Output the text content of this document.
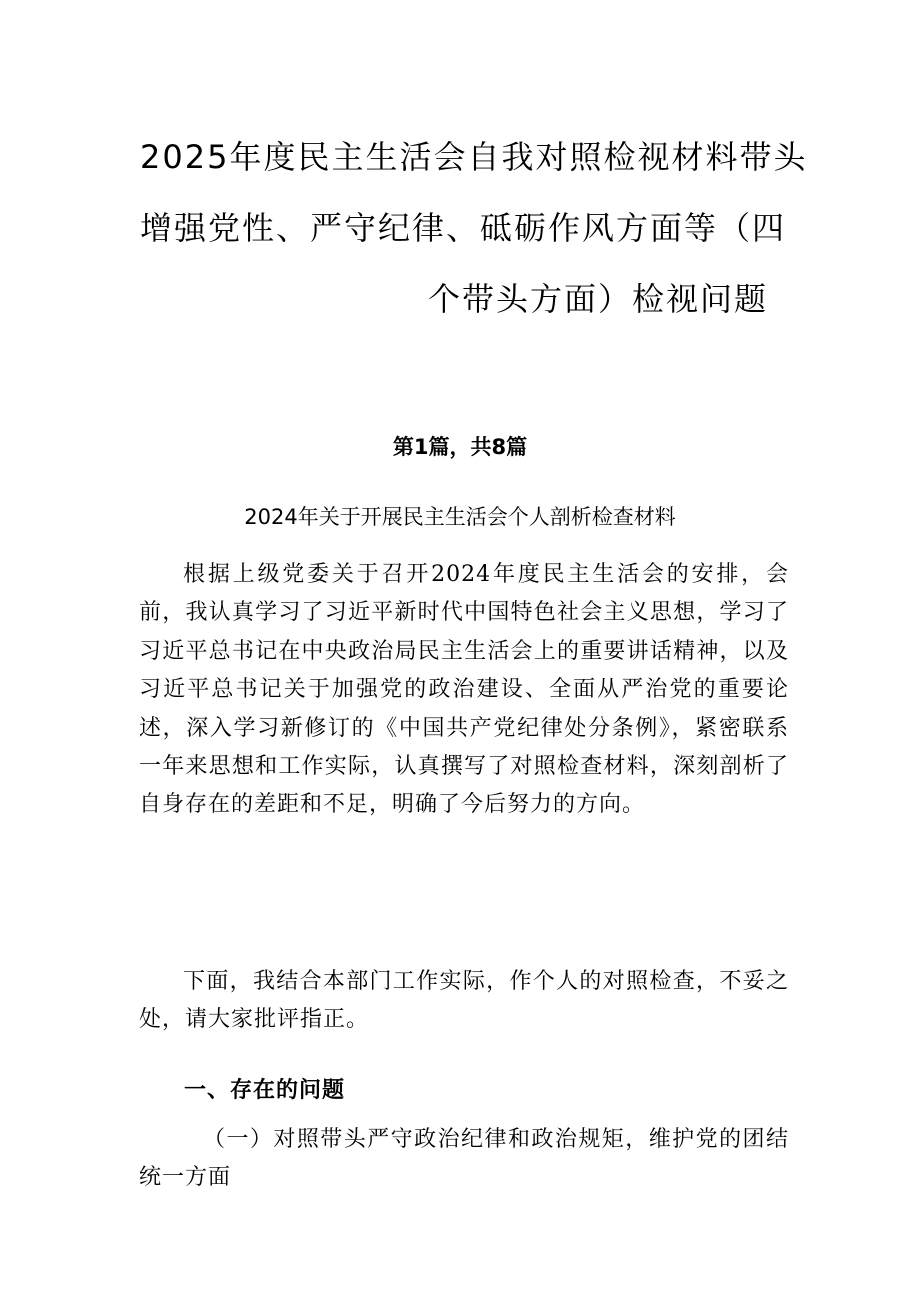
2025年度民主生活会自我对照检视材料带头
增强党性、严守纪律、砥砺作风方面等（四
个带头方面）检视问题
第1篇，共8篇
2024年关于开展民主生活会个人剖析检查材料

根据上级党委关于召开2024年度民主生活会的安排，会前，我认真学习了习近平新时代中国特色社会主义思想，学习了习近平总书记在中央政治局民主生活会上的重要讲话精神，以及习近平总书记关于加强党的政治建设、全面从严治党的重要论述，深入学习新修订的《中国共产党纪律处分条例》，紧密联系一年来思想和工作实际，认真撰写了对照检查材料，深刻剖析了自身存在的差距和不足，明确了今后努力的方向。

下面，我结合本部门工作实际，作个人的对照检查，不妥之处，请大家批评指正。

一、存在的问题

（一）对照带头严守政治纪律和政治规矩，维护党的团结统一方面
